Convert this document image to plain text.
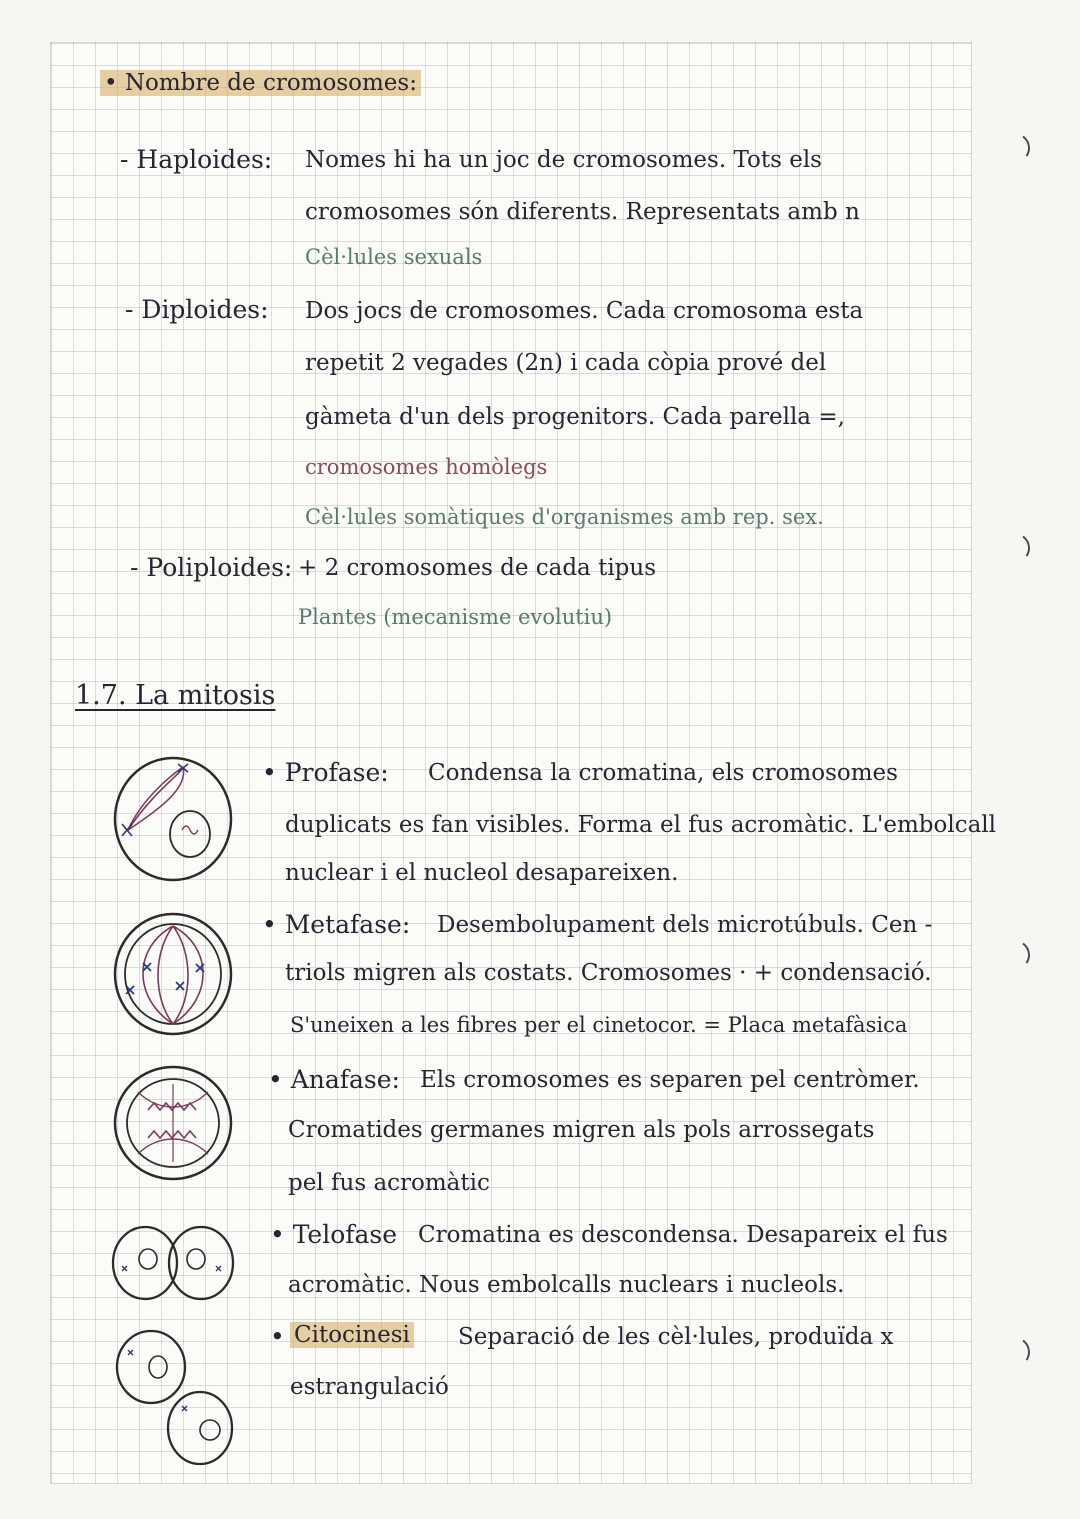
• Nombre de cromosomes:
- Haploides: Nomes hi ha un joc de cromosomes. Tots els
cromosomes són diferents. Representats amb n
Cèl·lules sexuals
- Diploides: Dos jocs de cromosomes. Cada cromosoma esta
repetit 2 vegades (2n) i cada còpia prové del
gàmeta d'un dels progenitors. Cada parella =,
cromosomes homòlegs
Cèl·lules somàtiques d'organismes amb rep. sex.
- Poliploides: + 2 cromosomes de cada tipus
Plantes (mecanisme evolutiu)
1.7. La mitosis
• Profase: Condensa la cromatina, els cromosomes
duplicats es fan visibles. Forma el fus acromàtic. L'embolcall
nuclear i el nucleol desapareixen.
• Metafase: Desembolupament dels microtúbuls. Cen -
triols migren als costats. Cromosomes · + condensació.
S'uneixen a les fibres per el cinetocor. = Placa metafàsica
• Anafase: Els cromosomes es separen pel centròmer.
Cromatides germanes migren als pols arrossegats
pel fus acromàtic
• Telofase Cromatina es descondensa. Desapareix el fus
acromàtic. Nous embolcalls nuclears i nucleols.
• Citocinesi Separació de les cèl·lules, produïda x
estrangulació
